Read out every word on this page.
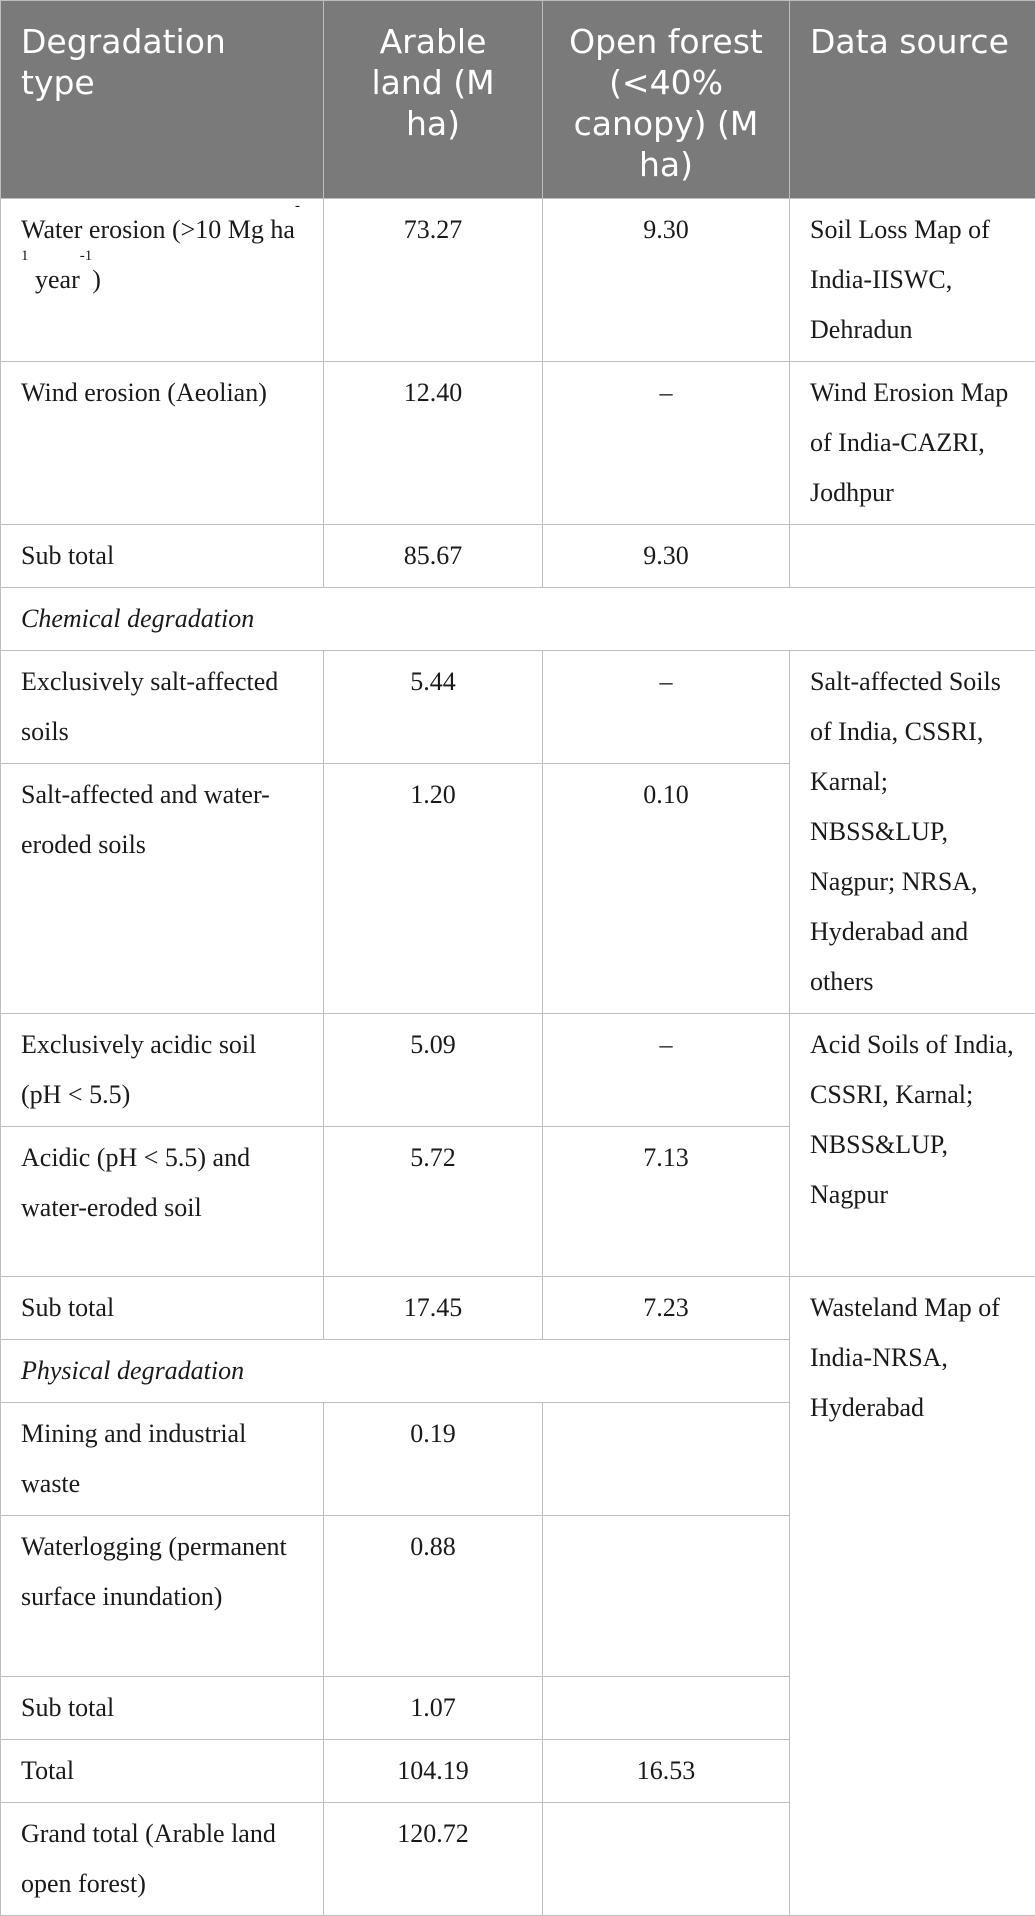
Degradation type	Arable land (M ha)	Open forest (<40% canopy) (M ha)	Data source	
Water erosion (>10 Mg $ha^{-1}$ year$^{-1}$)	73.27	9.30	Soil Loss Map of India-IISWC, Dehradun	
Wind erosion (Aeolian)	12.40	–	Wind Erosion Map of India-CAZRI, Jodhpur	
Sub total	85.67	9.30		
Chemical degradation				
Exclusively salt-affected soils	5.44	–	Salt-affected Soils of India, CSSRI, Karnal; NBSS&LUP, Nagpur; NRSA, Hyderabad and others	
Salt-affected and water-eroded soils	1.20	0.10		
Exclusively acidic soil (pH < 5.5)	5.09	–	Acid Soils of India, CSSRI, Karnal; NBSS&LUP, Nagpur	
Acidic (pH < 5.5) and water-eroded soil	5.72	7.13		
Sub total	17.45	7.23	Wasteland Map of India-NRSA, Hyderabad	
Physical degradation				
Mining and industrial waste	0.19			
Waterlogging (permanent surface inundation)	0.88			
Sub total	1.07			
Total	104.19	16.53		
Grand total (Arable land open forest)	120.72			
